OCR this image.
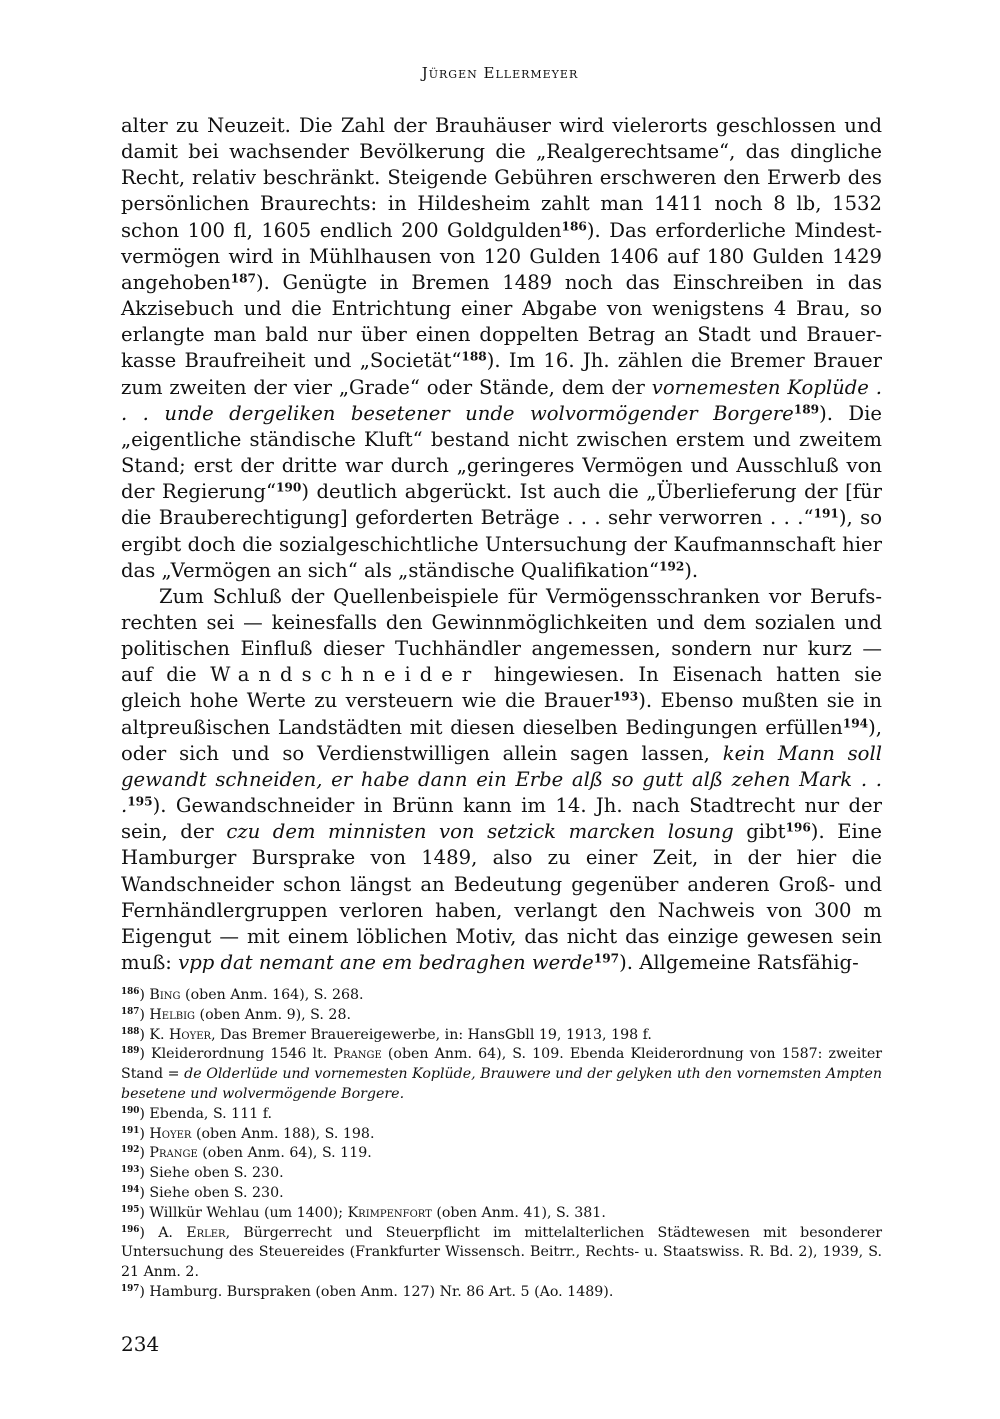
Jürgen Ellermeyer

alter zu Neuzeit. Die Zahl der Brauhäuser wird vielerorts geschlossen und damit bei wachsender Bevölkerung die „Realgerechtsame“, das dingliche Recht, relativ beschränkt. Steigende Gebühren erschweren den Erwerb des persönlichen Braurechts: in Hildesheim zahlt man 1411 noch 8 lb, 1532 schon 100 fl, 1605 endlich 200 Goldgulden$^{186}$). Das erforderliche Mindestvermögen wird in Mühlhausen von 120 Gulden 1406 auf 180 Gulden 1429 angehoben$^{187}$). Genügte in Bremen 1489 noch das Einschreiben in das Akzisebuch und die Entrichtung einer Abgabe von wenigstens 4 Brau, so erlangte man bald nur über einen doppelten Betrag an Stadt und Brauerkasse Braufreiheit und „Societät“$^{188}$). Im 16. Jh. zählen die Bremer Brauer zum zweiten der vier „Grade“ oder Stände, dem der vornemesten Koplüde . . . unde dergeliken besetener unde wolvormögender Borgere$^{189}$). Die „eigentliche ständische Kluft“ bestand nicht zwischen erstem und zweitem Stand; erst der dritte war durch „geringeres Vermögen und Ausschluß von der Regierung“$^{190}$) deutlich abgerückt. Ist auch die „Überlieferung der [für die Brauberechtigung] geforderten Beträge . . . sehr verworren . . .“$^{191}$), so ergibt doch die sozialgeschichtliche Untersuchung der Kaufmannschaft hier das „Vermögen an sich“ als „ständische Qualifikation“$^{192}$).

Zum Schluß der Quellenbeispiele für Vermögensschranken vor Berufsrechten sei — keinesfalls den Gewinnmöglichkeiten und dem sozialen und politischen Einfluß dieser Tuchhändler angemessen, sondern nur kurz — auf die Wandschneider hingewiesen. In Eisenach hatten sie gleich hohe Werte zu versteuern wie die Brauer$^{193}$). Ebenso mußten sie in altpreußischen Landstädten mit diesen dieselben Bedingungen erfüllen$^{194}$), oder sich und so Verdienstwilligen allein sagen lassen, kein Mann soll gewandt schneiden, er habe dann ein Erbe alß so gutt alß zehen Mark . . .$^{195}$). Gewandschneider in Brünn kann im 14. Jh. nach Stadtrecht nur der sein, der czu dem minnisten von setzick marcken losung gibt$^{196}$). Eine Hamburger Bursprake von 1489, also zu einer Zeit, in der hier die Wandschneider schon längst an Bedeutung gegenüber anderen Groß- und Fernhändlergruppen verloren haben, verlangt den Nachweis von 300 m Eigengut — mit einem löblichen Motiv, das nicht das einzige gewesen sein muß: vpp dat nemant ane em bedraghen werde$^{197}$). Allgemeine Ratsfähig-

$^{186}$) Bing (oben Anm. 164), S. 268.

$^{187}$) Helbig (oben Anm. 9), S. 28.

$^{188}$) K. Hoyer, Das Bremer Brauereigewerbe, in: HansGbll 19, 1913, 198 f.

$^{189}$) Kleiderordnung 1546 lt. Prange (oben Anm. 64), S. 109. Ebenda Kleiderordnung von 1587: zweiter Stand = de Olderlüde und vornemesten Koplüde, Brauwere und der gelyken uth den vornemsten Ampten besetene und wolvermögende Borgere.

$^{190}$) Ebenda, S. 111 f.

$^{191}$) Hoyer (oben Anm. 188), S. 198.

$^{192}$) Prange (oben Anm. 64), S. 119.

$^{193}$) Siehe oben S. 230.

$^{194}$) Siehe oben S. 230.

$^{195}$) Willkür Wehlau (um 1400); Krimpenfort (oben Anm. 41), S. 381.

$^{196}$) A. Erler, Bürgerrecht und Steuerpflicht im mittelalterlichen Städtewesen mit besonderer Untersuchung des Steuereides (Frankfurter Wissensch. Beitrr., Rechts- u. Staatswiss. R. Bd. 2), 1939, S. 21 Anm. 2.

$^{197}$) Hamburg. Burspraken (oben Anm. 127) Nr. 86 Art. 5 (Ao. 1489).

234
